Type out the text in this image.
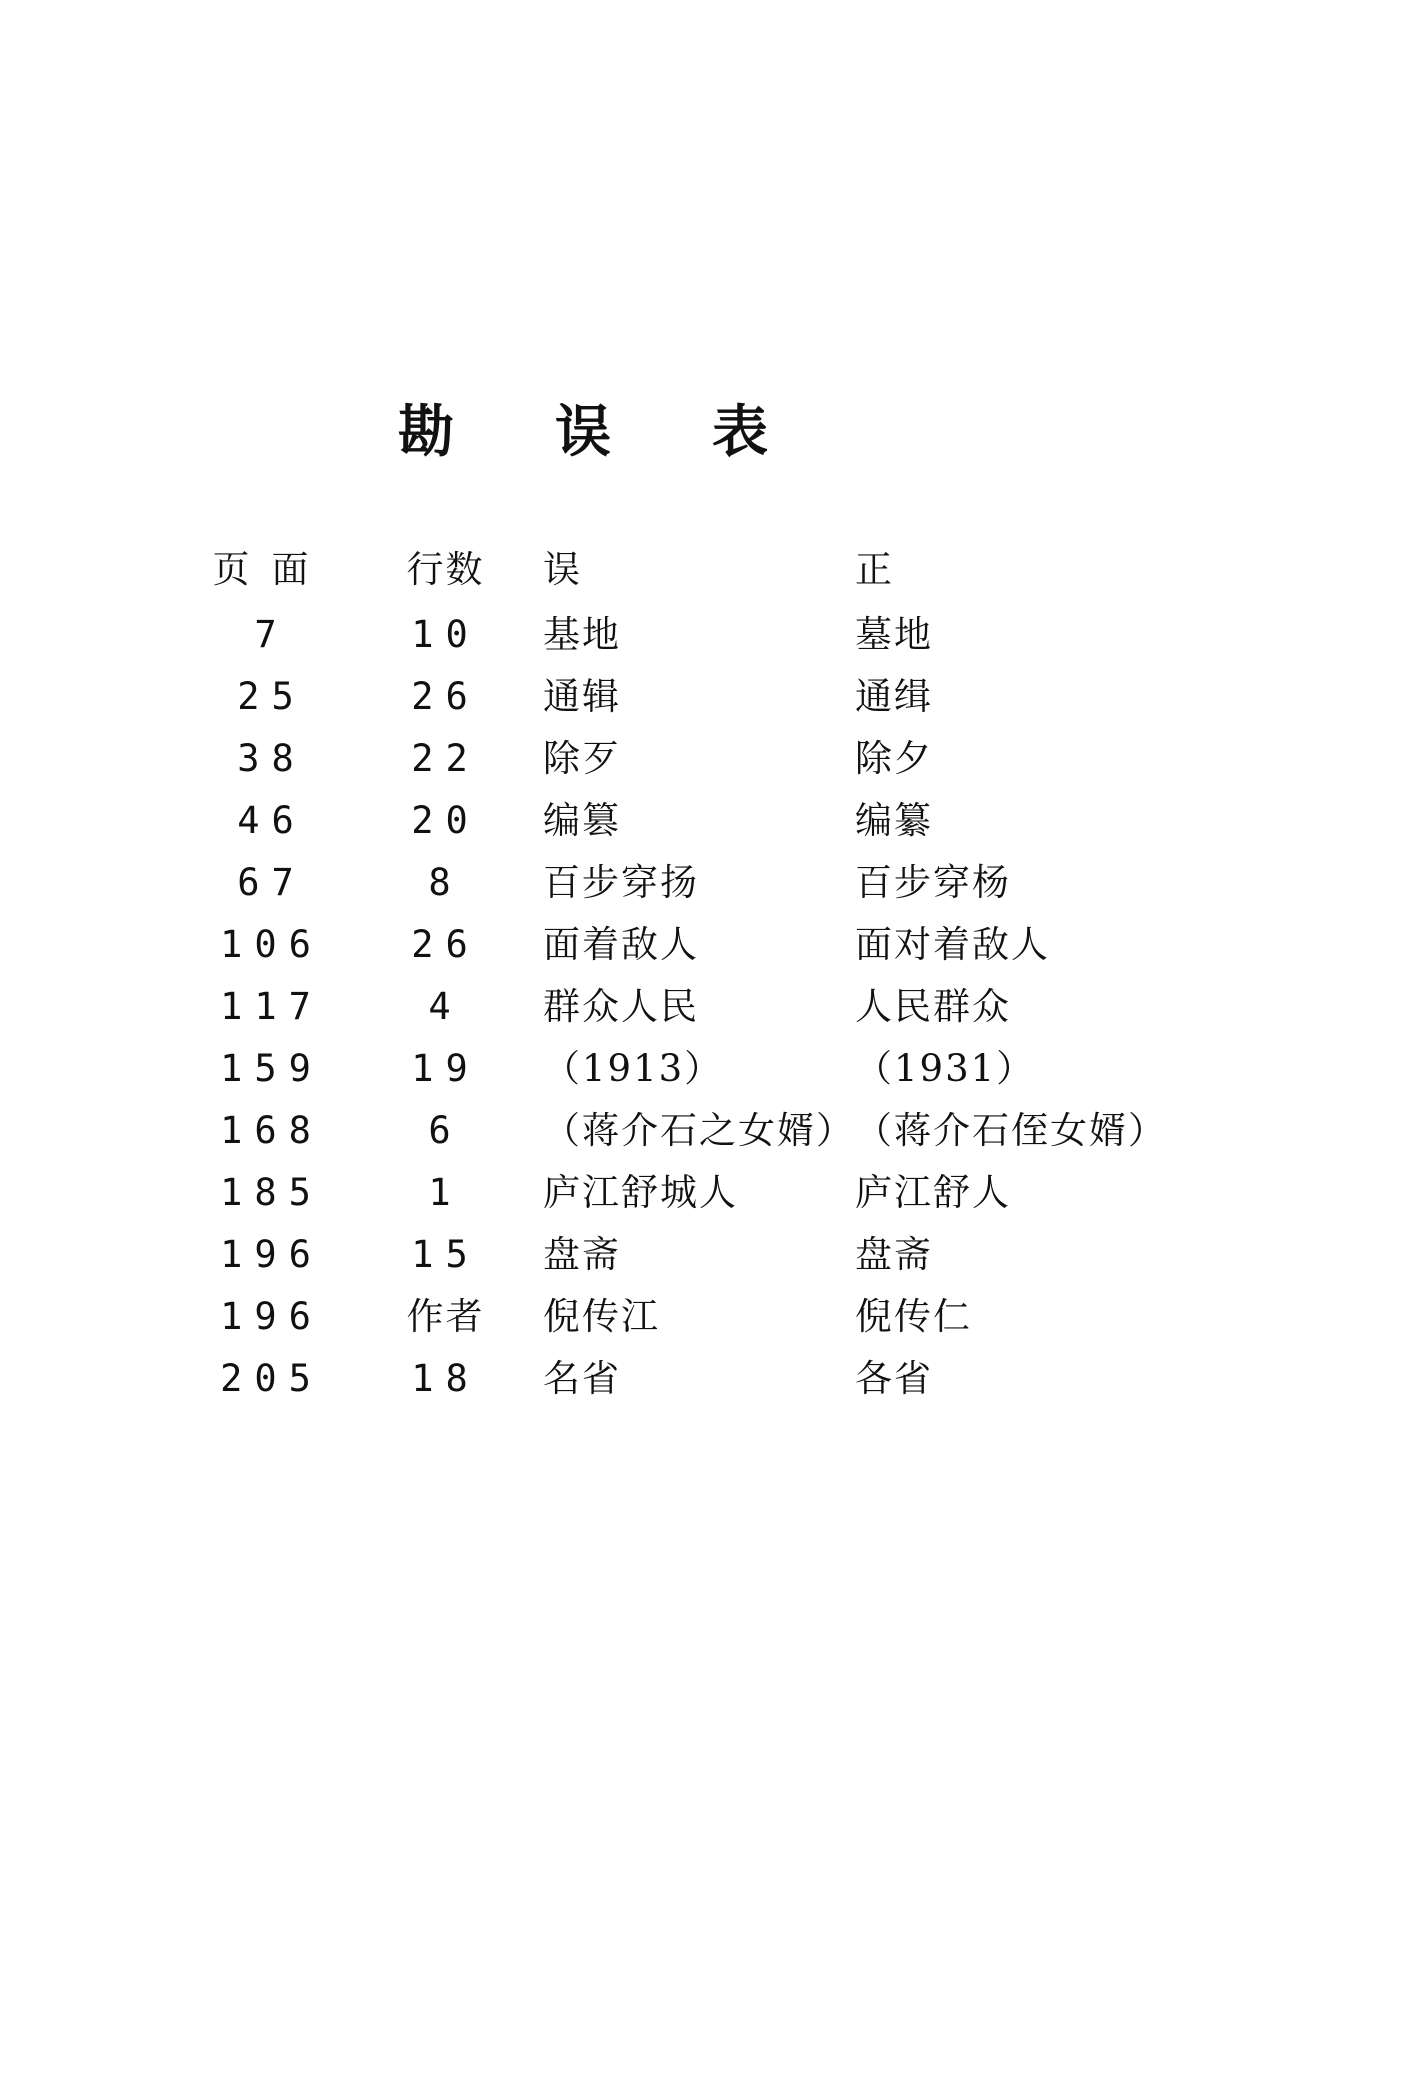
勘 误 表
页面	行数	误	正
7	10	基地	墓地
25	26	通辑	通缉
38	22	除歹	除夕
46	20	编篡	编纂
67	8	百步穿扬	百步穿杨
106	26	面着敌人	面对着敌人
117	4	群众人民	人民群众
159	19	（1913）	（1931）
168	6	（蒋介石之女婿）	（蒋介石侄女婿）
185	1	庐江舒城人	庐江舒人
196	15	盘斋	盘斋
196	作者	倪传江	倪传仁
205	18	名省	各省
